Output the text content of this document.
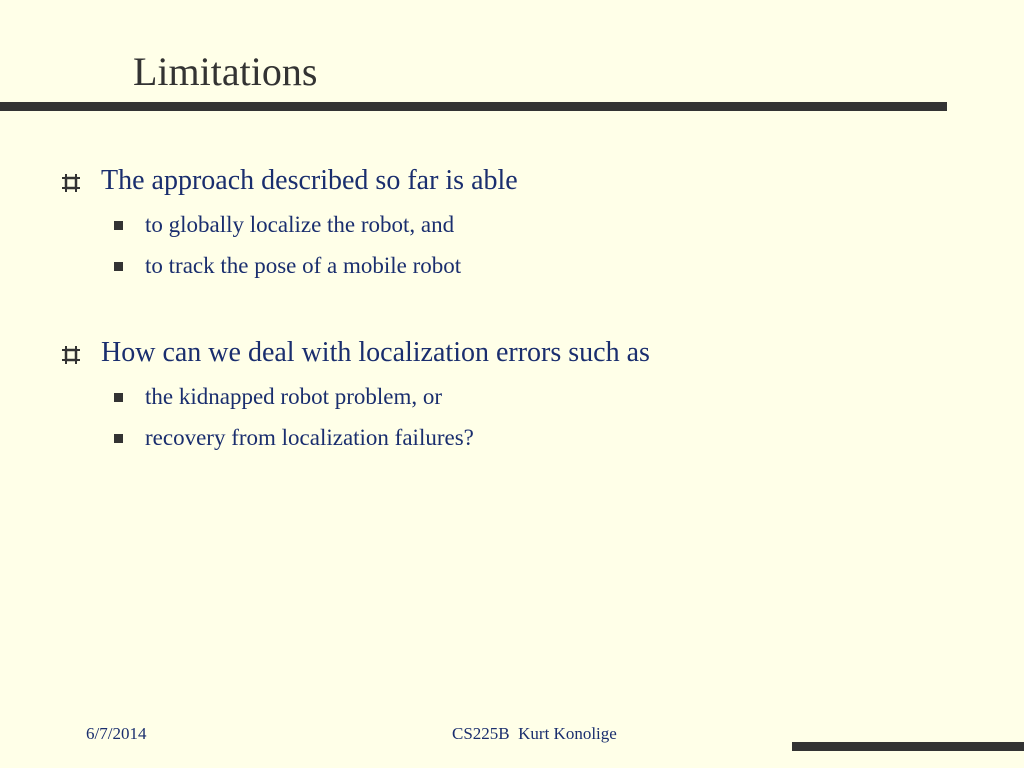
Limitations
The approach described so far is able
to globally localize the robot, and
to track the pose of a mobile robot
How can we deal with localization errors such as
the kidnapped robot problem, or
recovery from localization failures?
6/7/2014	CS225B  Kurt Konolige
